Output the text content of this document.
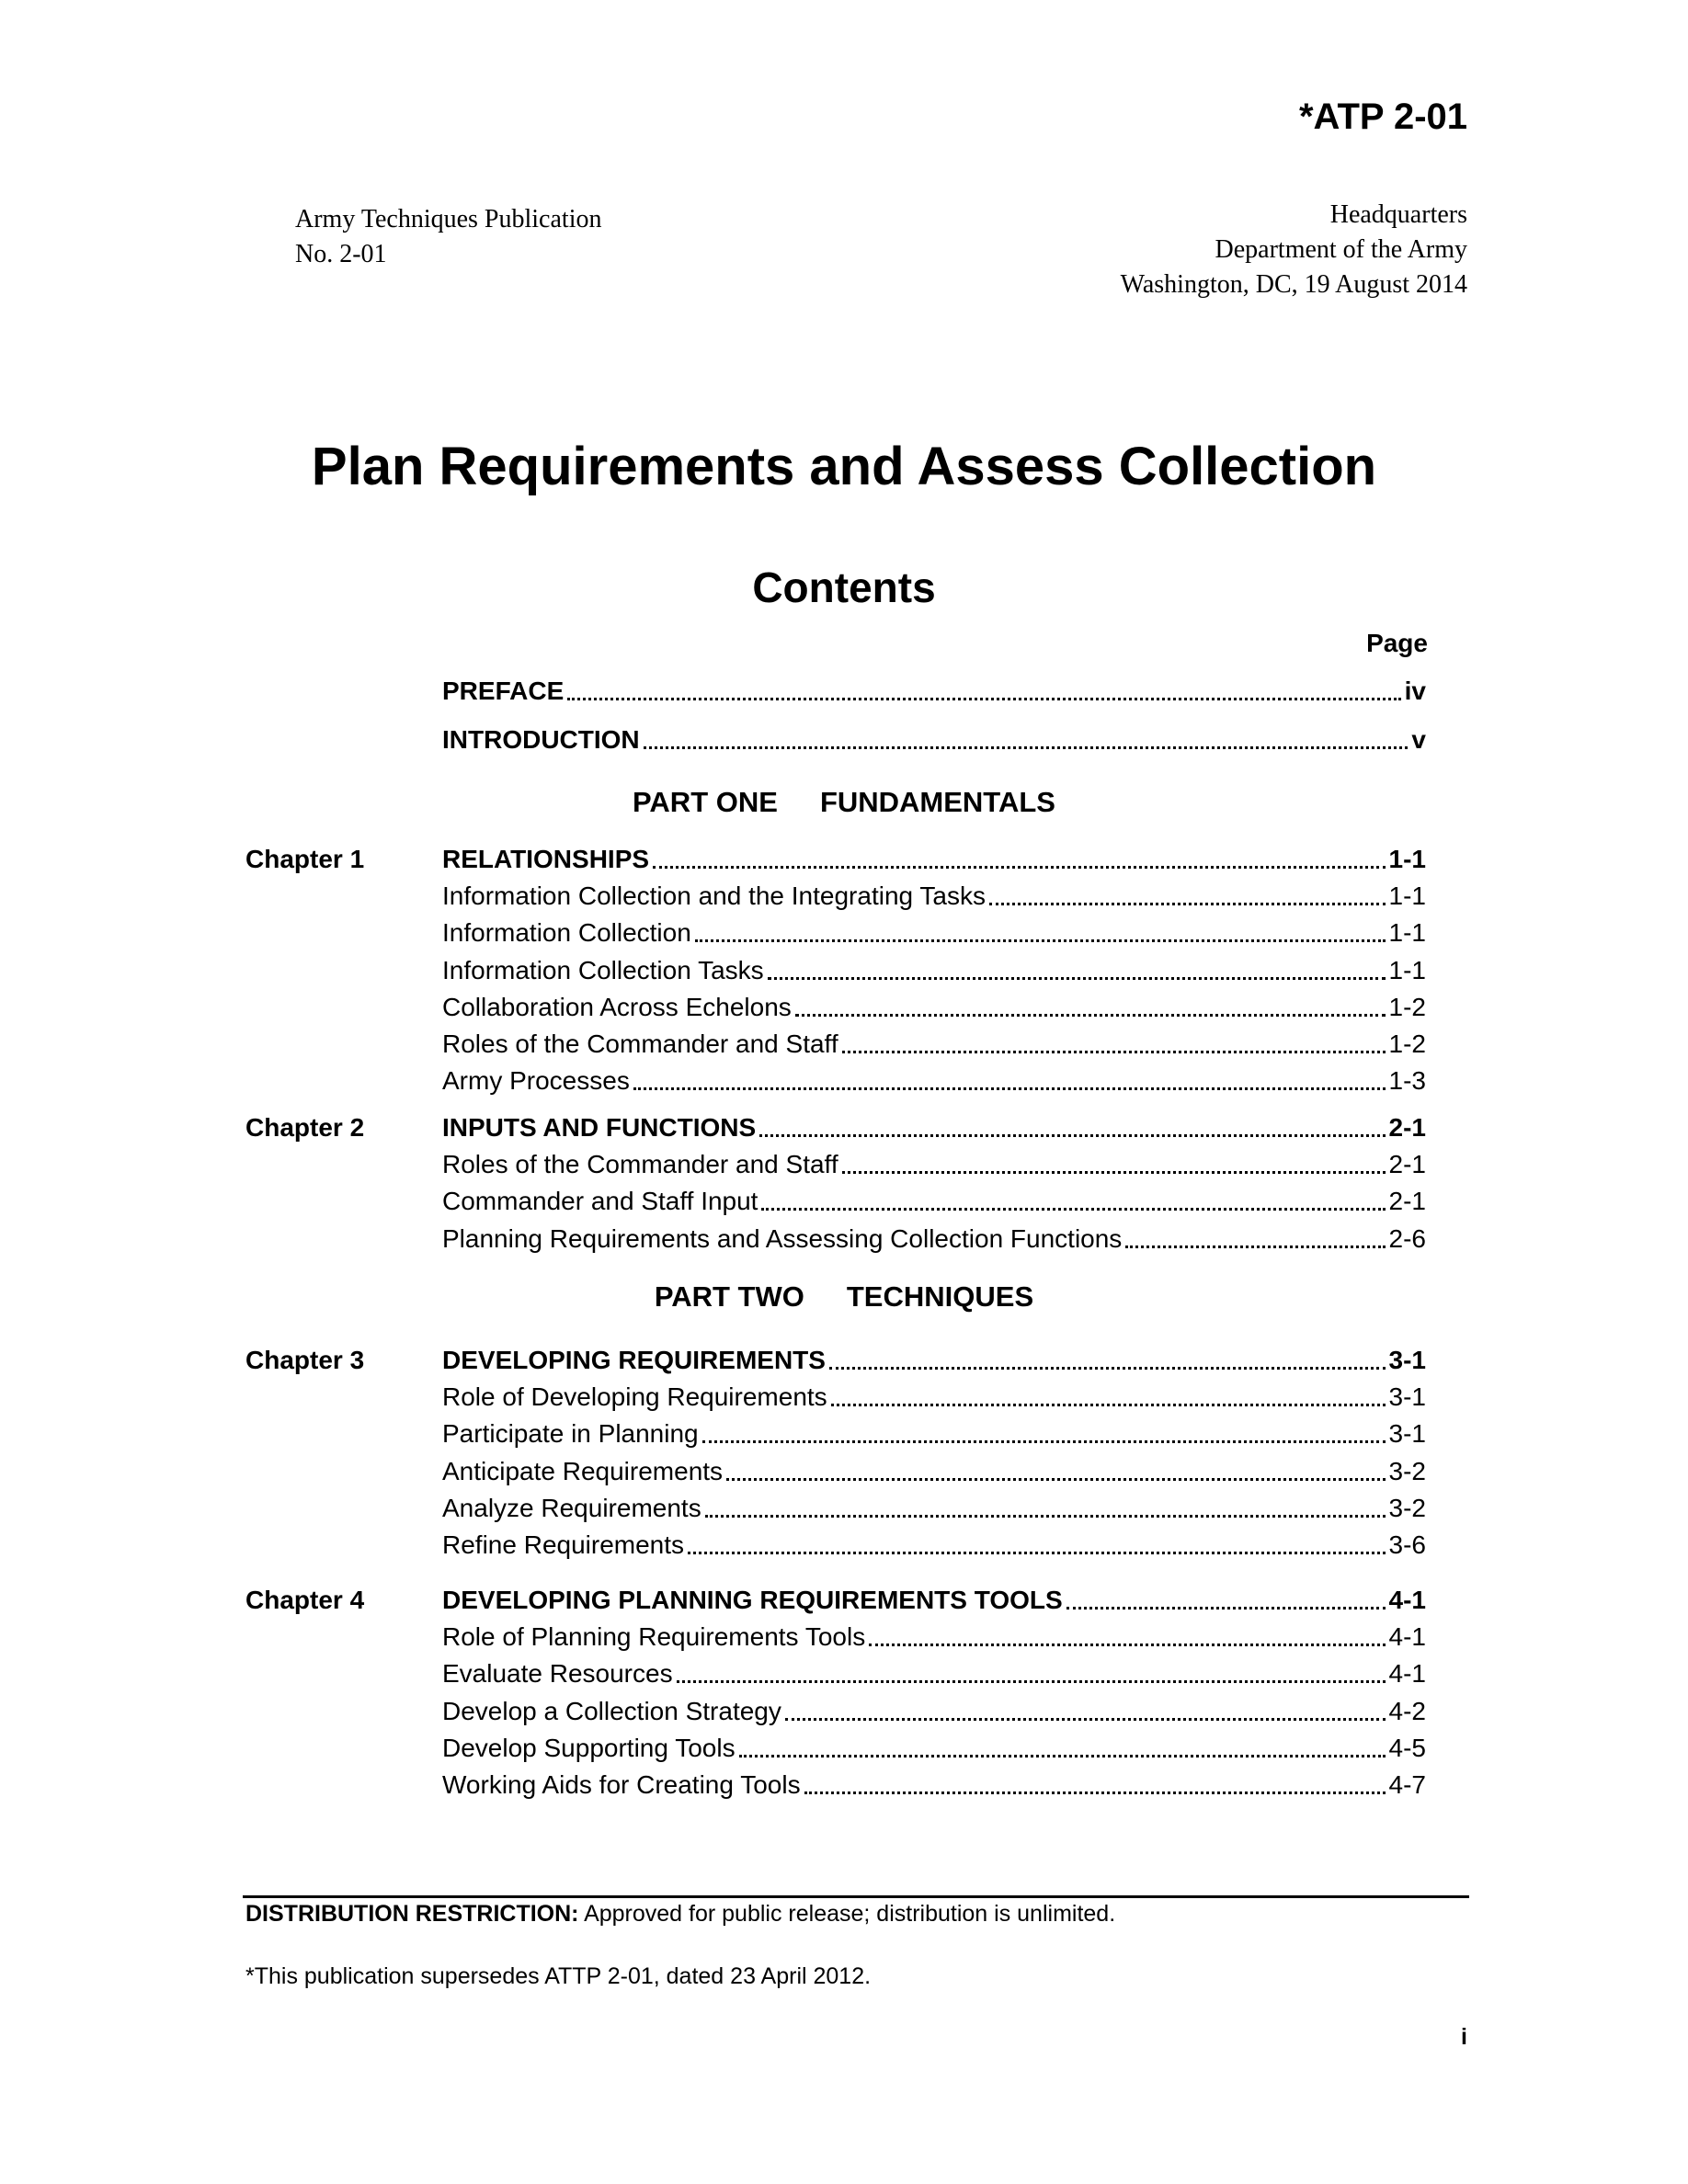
*ATP 2-01
Army Techniques Publication
No. 2-01
Headquarters
Department of the Army
Washington, DC, 19 August 2014
Plan Requirements and Assess Collection
Contents
Page
PREFACE	iv
INTRODUCTION	v
PART ONE FUNDAMENTALS
Chapter 1	RELATIONSHIPS	1-1
Information Collection and the Integrating Tasks	1-1
Information Collection	1-1
Information Collection Tasks	1-1
Collaboration Across Echelons	1-2
Roles of the Commander and Staff	1-2
Army Processes	1-3
Chapter 2	INPUTS AND FUNCTIONS	2-1
Roles of the Commander and Staff	2-1
Commander and Staff Input	2-1
Planning Requirements and Assessing Collection Functions	2-6
PART TWO TECHNIQUES
Chapter 3	DEVELOPING REQUIREMENTS	3-1
Role of Developing Requirements	3-1
Participate in Planning	3-1
Anticipate Requirements	3-2
Analyze Requirements	3-2
Refine Requirements	3-6
Chapter 4	DEVELOPING PLANNING REQUIREMENTS TOOLS	4-1
Role of Planning Requirements Tools	4-1
Evaluate Resources	4-1
Develop a Collection Strategy	4-2
Develop Supporting Tools	4-5
Working Aids for Creating Tools	4-7
DISTRIBUTION RESTRICTION: Approved for public release; distribution is unlimited.
*This publication supersedes ATTP 2-01, dated 23 April 2012.
i
